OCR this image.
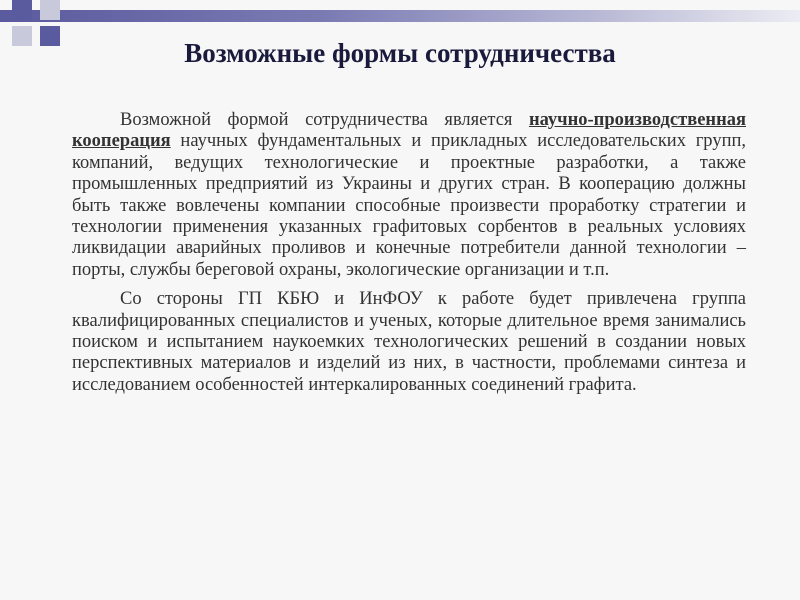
Возможные формы сотрудничества

Возможной формой сотрудничества является научно-производственная кооперация научных фундаментальных и прикладных исследовательских групп, компаний, ведущих технологические и проектные разработки, а также промышленных предприятий из Украины и других стран. В кооперацию должны быть также вовлечены компании способные произвести проработку стратегии и технологии применения указанных графитовых сорбентов в реальных условиях ликвидации аварийных проливов и конечные потребители данной технологии – порты, службы береговой охраны, экологические организации и т.п.

Со стороны ГП КБЮ и ИнФОУ к работе будет привлечена группа квалифицированных специалистов и ученых, которые длительное время занимались поиском и испытанием наукоемких технологических решений в создании новых перспективных материалов и изделий из них, в частности, проблемами синтеза и исследованием особенностей интеркалированных соединений графита.
